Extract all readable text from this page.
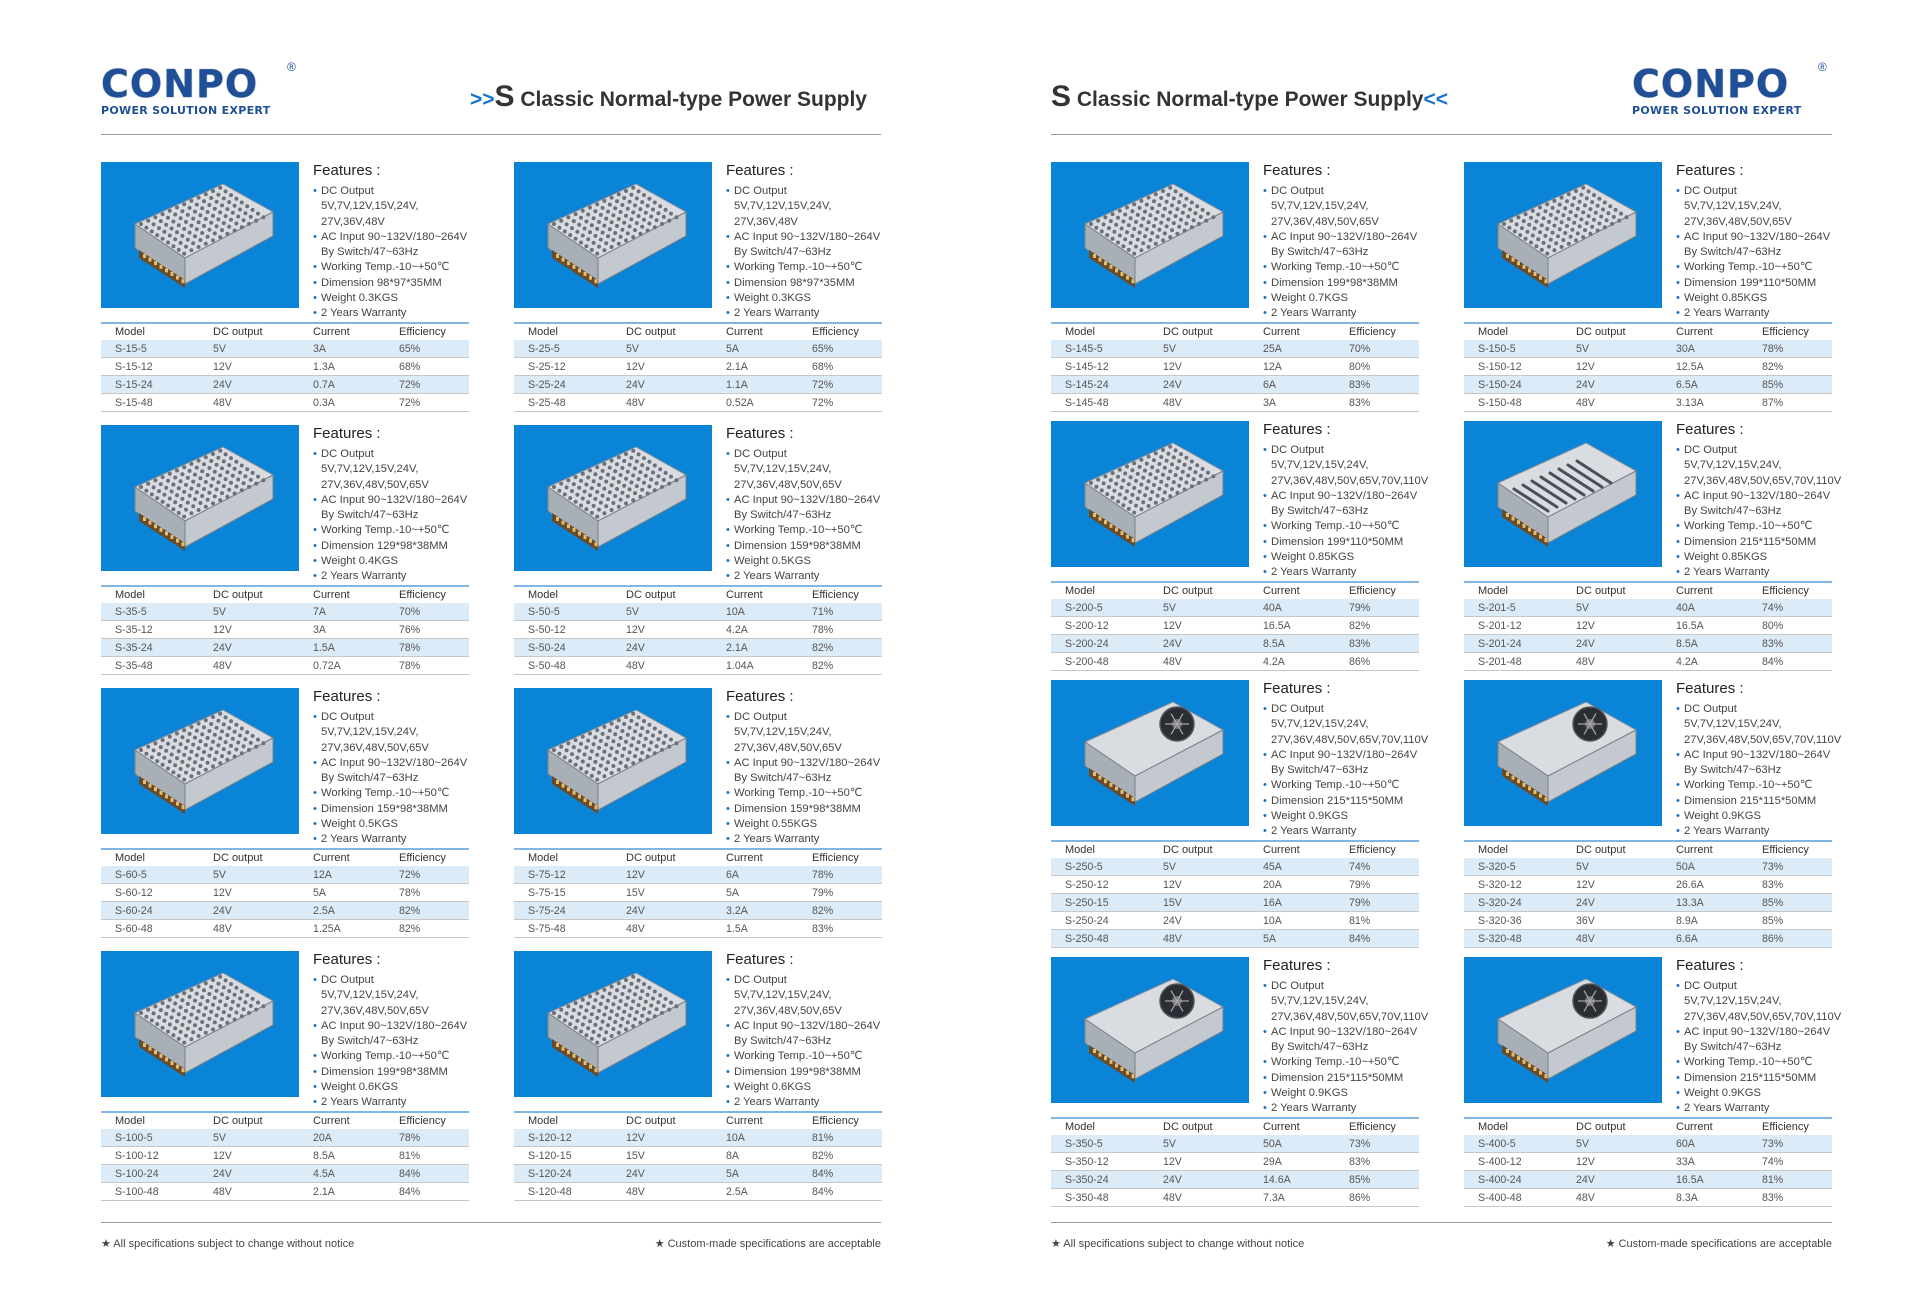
CONPO	®
POWER SOLUTION EXPERT	>>S Classic Normal-type Power Supply
Features :
• DC Output 5V,7V,12V,15V,24V, 27V,36V,48V
• AC Input 90~132V/180~264V By Switch/47~63Hz
• Working Temp.-10~+50℃
• Dimension 98*97*35MM
• Weight 0.3KGS
• 2 Years Warranty
Model	DC output	Current	Efficiency
S-15-5	5V	3A	65%
S-15-12	12V	1.3A	68%
S-15-24	24V	0.7A	72%
S-15-48	48V	0.3A	72%
Features :
• DC Output 5V,7V,12V,15V,24V, 27V,36V,48V
• AC Input 90~132V/180~264V By Switch/47~63Hz
• Working Temp.-10~+50℃
• Dimension 98*97*35MM
• Weight 0.3KGS
• 2 Years Warranty
Model	DC output	Current	Efficiency
S-25-5	5V	5A	65%
S-25-12	12V	2.1A	68%
S-25-24	24V	1.1A	72%
S-25-48	48V	0.52A	72%
Features :
• DC Output 5V,7V,12V,15V,24V, 27V,36V,48V,50V,65V
• AC Input 90~132V/180~264V By Switch/47~63Hz
• Working Temp.-10~+50℃
• Dimension 129*98*38MM
• Weight 0.4KGS
• 2 Years Warranty
Model	DC output	Current	Efficiency
S-35-5	5V	7A	70%
S-35-12	12V	3A	76%
S-35-24	24V	1.5A	78%
S-35-48	48V	0.72A	78%
Features :
• DC Output 5V,7V,12V,15V,24V, 27V,36V,48V,50V,65V
• AC Input 90~132V/180~264V By Switch/47~63Hz
• Working Temp.-10~+50℃
• Dimension 159*98*38MM
• Weight 0.5KGS
• 2 Years Warranty
Model	DC output	Current	Efficiency
S-50-5	5V	10A	71%
S-50-12	12V	4.2A	78%
S-50-24	24V	2.1A	82%
S-50-48	48V	1.04A	82%
Features :
• DC Output 5V,7V,12V,15V,24V, 27V,36V,48V,50V,65V
• AC Input 90~132V/180~264V By Switch/47~63Hz
• Working Temp.-10~+50℃
• Dimension 159*98*38MM
• Weight 0.5KGS
• 2 Years Warranty
Model	DC output	Current	Efficiency
S-60-5	5V	12A	72%
S-60-12	12V	5A	78%
S-60-24	24V	2.5A	82%
S-60-48	48V	1.25A	82%
Features :
• DC Output 5V,7V,12V,15V,24V, 27V,36V,48V,50V,65V
• AC Input 90~132V/180~264V By Switch/47~63Hz
• Working Temp.-10~+50℃
• Dimension 159*98*38MM
• Weight 0.55KGS
• 2 Years Warranty
Model	DC output	Current	Efficiency
S-75-12	12V	6A	78%
S-75-15	15V	5A	79%
S-75-24	24V	3.2A	82%
S-75-48	48V	1.5A	83%
Features :
• DC Output 5V,7V,12V,15V,24V, 27V,36V,48V,50V,65V
• AC Input 90~132V/180~264V By Switch/47~63Hz
• Working Temp.-10~+50℃
• Dimension 199*98*38MM
• Weight 0.6KGS
• 2 Years Warranty
Model	DC output	Current	Efficiency
S-100-5	5V	20A	78%
S-100-12	12V	8.5A	81%
S-100-24	24V	4.5A	84%
S-100-48	48V	2.1A	84%
Features :
• DC Output 5V,7V,12V,15V,24V, 27V,36V,48V,50V,65V
• AC Input 90~132V/180~264V By Switch/47~63Hz
• Working Temp.-10~+50℃
• Dimension 199*98*38MM
• Weight 0.6KGS
• 2 Years Warranty
Model	DC output	Current	Efficiency
S-120-12	12V	10A	81%
S-120-15	15V	8A	82%
S-120-24	24V	5A	84%
S-120-48	48V	2.5A	84%
★ All specifications subject to change without notice	★ Custom-made specifications are acceptable
S Classic Normal-type Power Supply<<	CONPO	®
POWER SOLUTION EXPERT
Features :
• DC Output 5V,7V,12V,15V,24V, 27V,36V,48V,50V,65V
• AC Input 90~132V/180~264V By Switch/47~63Hz
• Working Temp.-10~+50℃
• Dimension 199*98*38MM
• Weight 0.7KGS
• 2 Years Warranty
Model	DC output	Current	Efficiency
S-145-5	5V	25A	70%
S-145-12	12V	12A	80%
S-145-24	24V	6A	83%
S-145-48	48V	3A	83%
Features :
• DC Output 5V,7V,12V,15V,24V, 27V,36V,48V,50V,65V
• AC Input 90~132V/180~264V By Switch/47~63Hz
• Working Temp.-10~+50℃
• Dimension 199*110*50MM
• Weight 0.85KGS
• 2 Years Warranty
Model	DC output	Current	Efficiency
S-150-5	5V	30A	78%
S-150-12	12V	12.5A	82%
S-150-24	24V	6.5A	85%
S-150-48	48V	3.13A	87%
Features :
• DC Output 5V,7V,12V,15V,24V, 27V,36V,48V,50V,65V,70V,110V
• AC Input 90~132V/180~264V By Switch/47~63Hz
• Working Temp.-10~+50℃
• Dimension 199*110*50MM
• Weight 0.85KGS
• 2 Years Warranty
Model	DC output	Current	Efficiency
S-200-5	5V	40A	79%
S-200-12	12V	16.5A	82%
S-200-24	24V	8.5A	83%
S-200-48	48V	4.2A	86%
Features :
• DC Output 5V,7V,12V,15V,24V, 27V,36V,48V,50V,65V,70V,110V
• AC Input 90~132V/180~264V By Switch/47~63Hz
• Working Temp.-10~+50℃
• Dimension 215*115*50MM
• Weight 0.85KGS
• 2 Years Warranty
Model	DC output	Current	Efficiency
S-201-5	5V	40A	74%
S-201-12	12V	16.5A	80%
S-201-24	24V	8.5A	83%
S-201-48	48V	4.2A	84%
Features :
• DC Output 5V,7V,12V,15V,24V, 27V,36V,48V,50V,65V,70V,110V
• AC Input 90~132V/180~264V By Switch/47~63Hz
• Working Temp.-10~+50℃
• Dimension 215*115*50MM
• Weight 0.9KGS
• 2 Years Warranty
Model	DC output	Current	Efficiency
S-250-5	5V	45A	74%
S-250-12	12V	20A	79%
S-250-15	15V	16A	79%
S-250-24	24V	10A	81%
S-250-48	48V	5A	84%
Features :
• DC Output 5V,7V,12V,15V,24V, 27V,36V,48V,50V,65V,70V,110V
• AC Input 90~132V/180~264V By Switch/47~63Hz
• Working Temp.-10~+50℃
• Dimension 215*115*50MM
• Weight 0.9KGS
• 2 Years Warranty
Model	DC output	Current	Efficiency
S-320-5	5V	50A	73%
S-320-12	12V	26.6A	83%
S-320-24	24V	13.3A	85%
S-320-36	36V	8.9A	85%
S-320-48	48V	6.6A	86%
Features :
• DC Output 5V,7V,12V,15V,24V, 27V,36V,48V,50V,65V,70V,110V
• AC Input 90~132V/180~264V By Switch/47~63Hz
• Working Temp.-10~+50℃
• Dimension 215*115*50MM
• Weight 0.9KGS
• 2 Years Warranty
Model	DC output	Current	Efficiency
S-350-5	5V	50A	73%
S-350-12	12V	29A	83%
S-350-24	24V	14.6A	85%
S-350-48	48V	7.3A	86%
Features :
• DC Output 5V,7V,12V,15V,24V, 27V,36V,48V,50V,65V,70V,110V
• AC Input 90~132V/180~264V By Switch/47~63Hz
• Working Temp.-10~+50℃
• Dimension 215*115*50MM
• Weight 0.9KGS
• 2 Years Warranty
Model	DC output	Current	Efficiency
S-400-5	5V	60A	73%
S-400-12	12V	33A	74%
S-400-24	24V	16.5A	81%
S-400-48	48V	8.3A	83%
★ All specifications subject to change without notice	★ Custom-made specifications are acceptable
